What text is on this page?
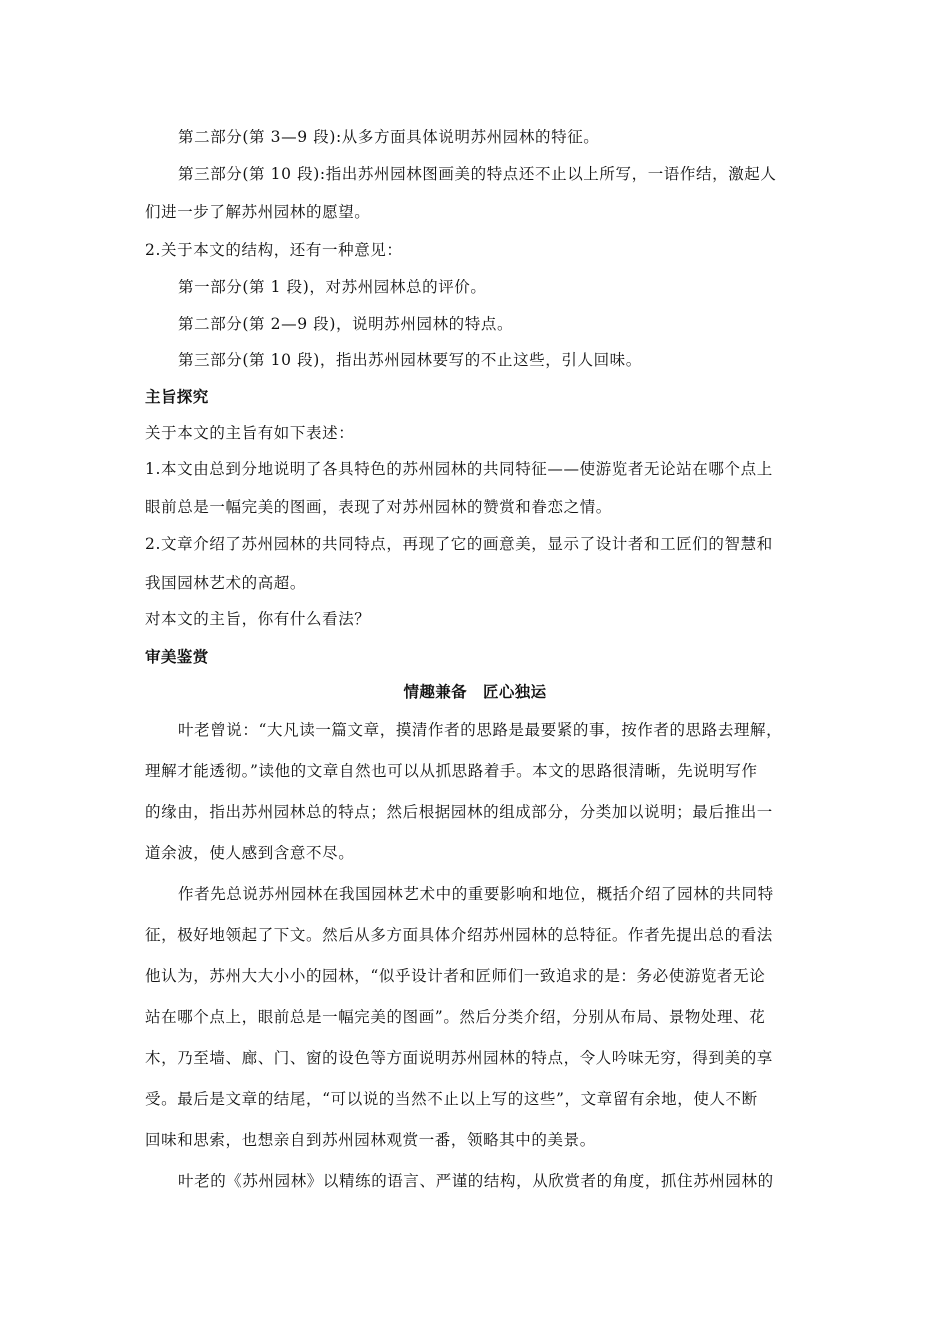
第二部分(第 3—9 段):从多方面具体说明苏州园林的特征。
第三部分(第 10 段):指出苏州园林图画美的特点还不止以上所写，一语作结，激起人
们进一步了解苏州园林的愿望。
2.关于本文的结构，还有一种意见：
第一部分(第 1 段)，对苏州园林总的评价。
第二部分(第 2—9 段)，说明苏州园林的特点。
第三部分(第 10 段)，指出苏州园林要写的不止这些，引人回味。
主旨探究
关于本文的主旨有如下表述：
1.本文由总到分地说明了各具特色的苏州园林的共同特征——使游览者无论站在哪个点上
眼前总是一幅完美的图画，表现了对苏州园林的赞赏和眷恋之情。
2.文章介绍了苏州园林的共同特点，再现了它的画意美，显示了设计者和工匠们的智慧和
我国园林艺术的高超。
对本文的主旨，你有什么看法？
审美鉴赏
情趣兼备　匠心独运
叶老曾说：“大凡读一篇文章，摸清作者的思路是最要紧的事，按作者的思路去理解，
理解才能透彻。”读他的文章自然也可以从抓思路着手。本文的思路很清晰，先说明写作
的缘由，指出苏州园林总的特点；然后根据园林的组成部分，分类加以说明；最后推出一
道余波，使人感到含意不尽。
作者先总说苏州园林在我国园林艺术中的重要影响和地位，概括介绍了园林的共同特
征，极好地领起了下文。然后从多方面具体介绍苏州园林的总特征。作者先提出总的看法
他认为，苏州大大小小的园林，“似乎设计者和匠师们一致追求的是：务必使游览者无论
站在哪个点上，眼前总是一幅完美的图画”。然后分类介绍，分别从布局、景物处理、花
木，乃至墙、廊、门、窗的设色等方面说明苏州园林的特点，令人吟味无穷，得到美的享
受。最后是文章的结尾，“可以说的当然不止以上写的这些”，文章留有余地，使人不断
回味和思索，也想亲自到苏州园林观赏一番，领略其中的美景。
叶老的《苏州园林》以精练的语言、严谨的结构，从欣赏者的角度，抓住苏州园林的
